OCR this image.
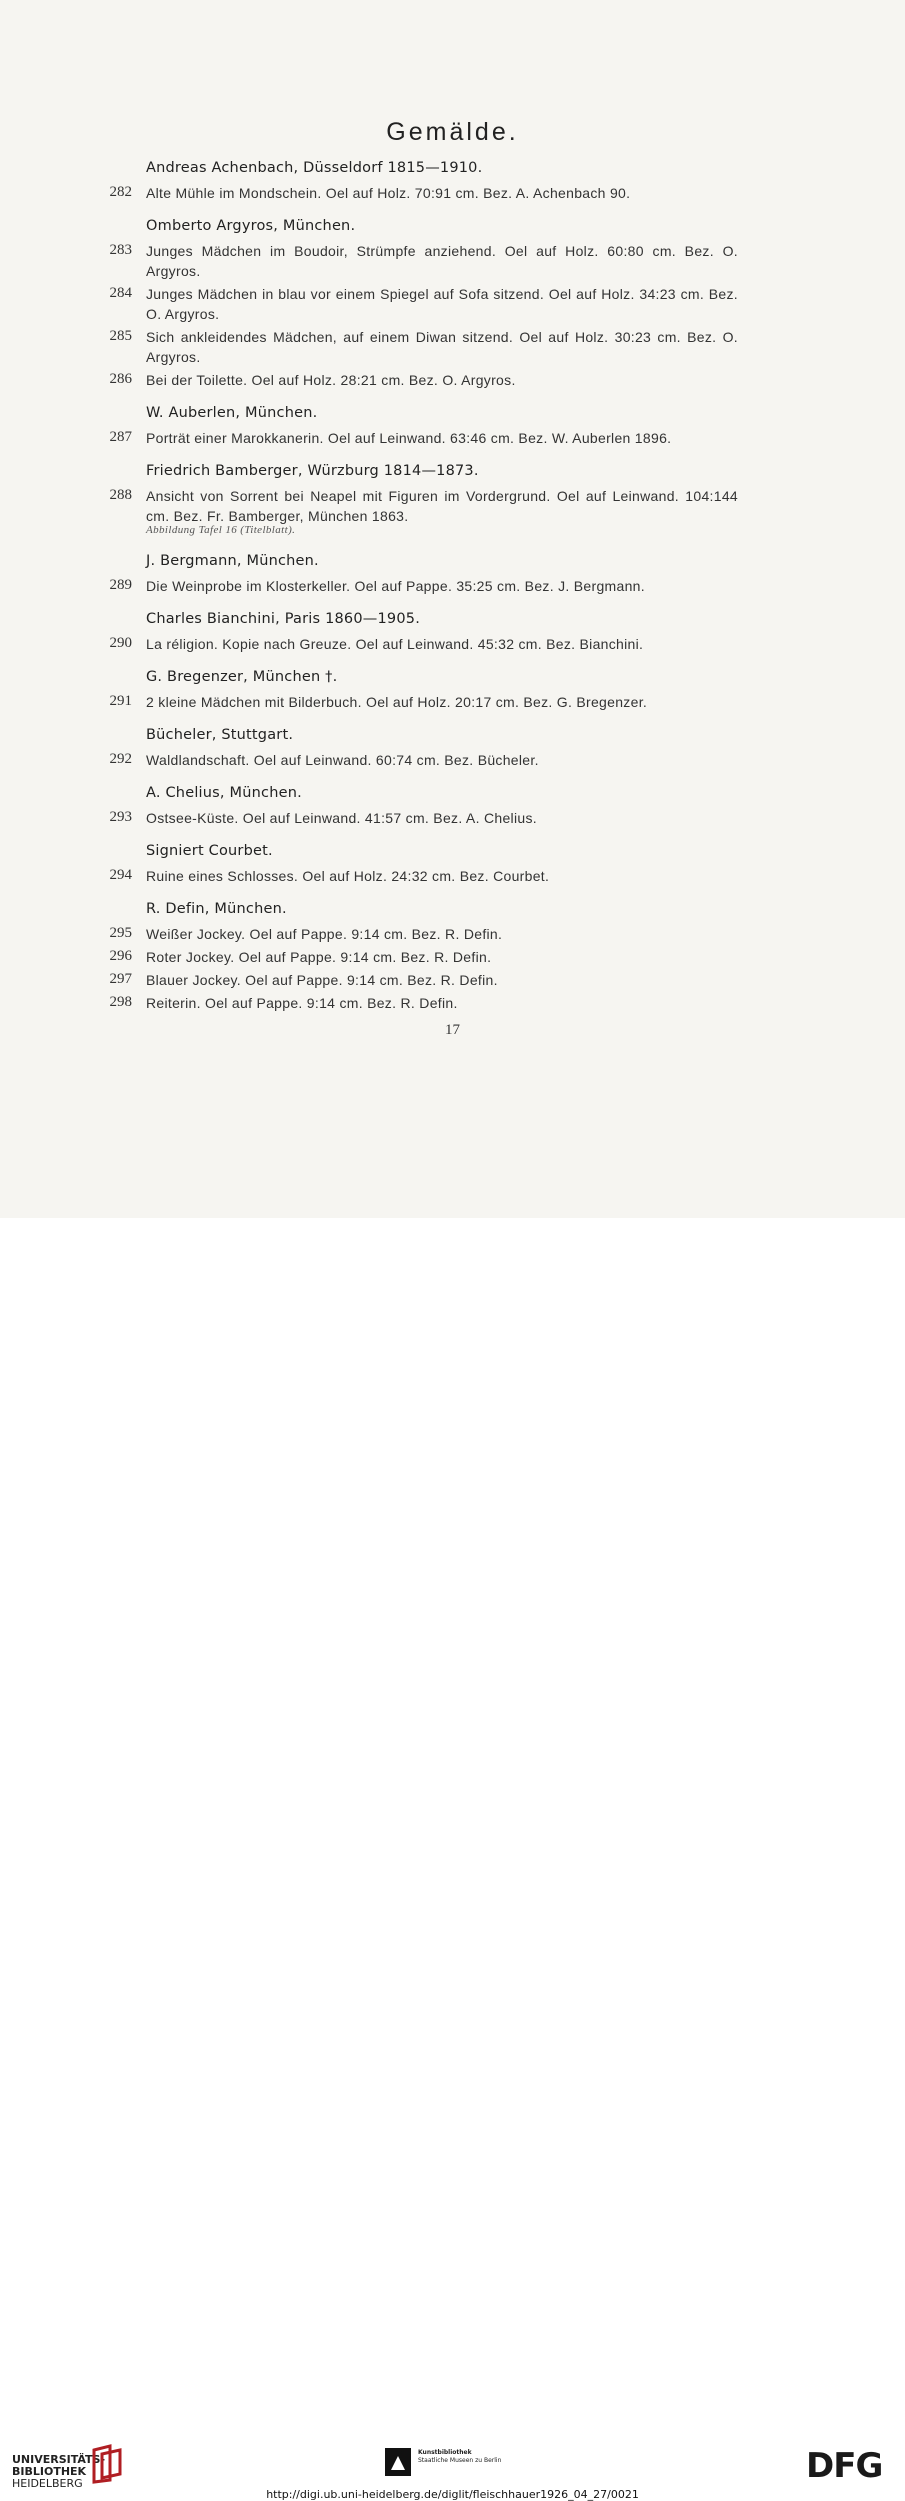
Gemälde.
Andreas Achenbach, Düsseldorf 1815—1910.
282 Alte Mühle im Mondschein. Oel auf Holz. 70:91 cm. Bez. A. Achenbach 90.
Omberto Argyros, München.
283 Junges Mädchen im Boudoir, Strümpfe anziehend. Oel auf Holz. 60:80 cm. Bez. O. Argyros.
284 Junges Mädchen in blau vor einem Spiegel auf Sofa sitzend. Oel auf Holz. 34:23 cm. Bez. O. Argyros.
285 Sich ankleidendes Mädchen, auf einem Diwan sitzend. Oel auf Holz. 30:23 cm. Bez. O. Argyros.
286 Bei der Toilette. Oel auf Holz. 28:21 cm. Bez. O. Argyros.
W. Auberlen, München.
287 Porträt einer Marokkanerin. Oel auf Leinwand. 63:46 cm. Bez. W. Auberlen 1896.
Friedrich Bamberger, Würzburg 1814—1873.
288 Ansicht von Sorrent bei Neapel mit Figuren im Vordergrund. Oel auf Leinwand. 104:144 cm. Bez. Fr. Bamberger, München 1863.
Abbildung Tafel 16 (Titelblatt).
J. Bergmann, München.
289 Die Weinprobe im Klosterkeller. Oel auf Pappe. 35:25 cm. Bez. J. Bergmann.
Charles Bianchini, Paris 1860—1905.
290 La réligion. Kopie nach Greuze. Oel auf Leinwand. 45:32 cm. Bez. Bianchini.
G. Bregenzer, München †.
291 2 kleine Mädchen mit Bilderbuch. Oel auf Holz. 20:17 cm. Bez. G. Bregenzer.
Bücheler, Stuttgart.
292 Waldlandschaft. Oel auf Leinwand. 60:74 cm. Bez. Bücheler.
A. Chelius, München.
293 Ostsee-Küste. Oel auf Leinwand. 41:57 cm. Bez. A. Chelius.
Signiert Courbet.
294 Ruine eines Schlosses. Oel auf Holz. 24:32 cm. Bez. Courbet.
R. Defin, München.
295 Weißer Jockey. Oel auf Pappe. 9:14 cm. Bez. R. Defin.
296 Roter Jockey. Oel auf Pappe. 9:14 cm. Bez. R. Defin.
297 Blauer Jockey. Oel auf Pappe. 9:14 cm. Bez. R. Defin.
298 Reiterin. Oel auf Pappe. 9:14 cm. Bez. R. Defin.
17
UNIVERSITÄTS-
BIBLIOTHEK
HEIDELBERG
Kunstbibliothek
Staatliche Museen zu Berlin	DFG
http://digi.ub.uni-heidelberg.de/diglit/fleischhauer1926_04_27/0021
